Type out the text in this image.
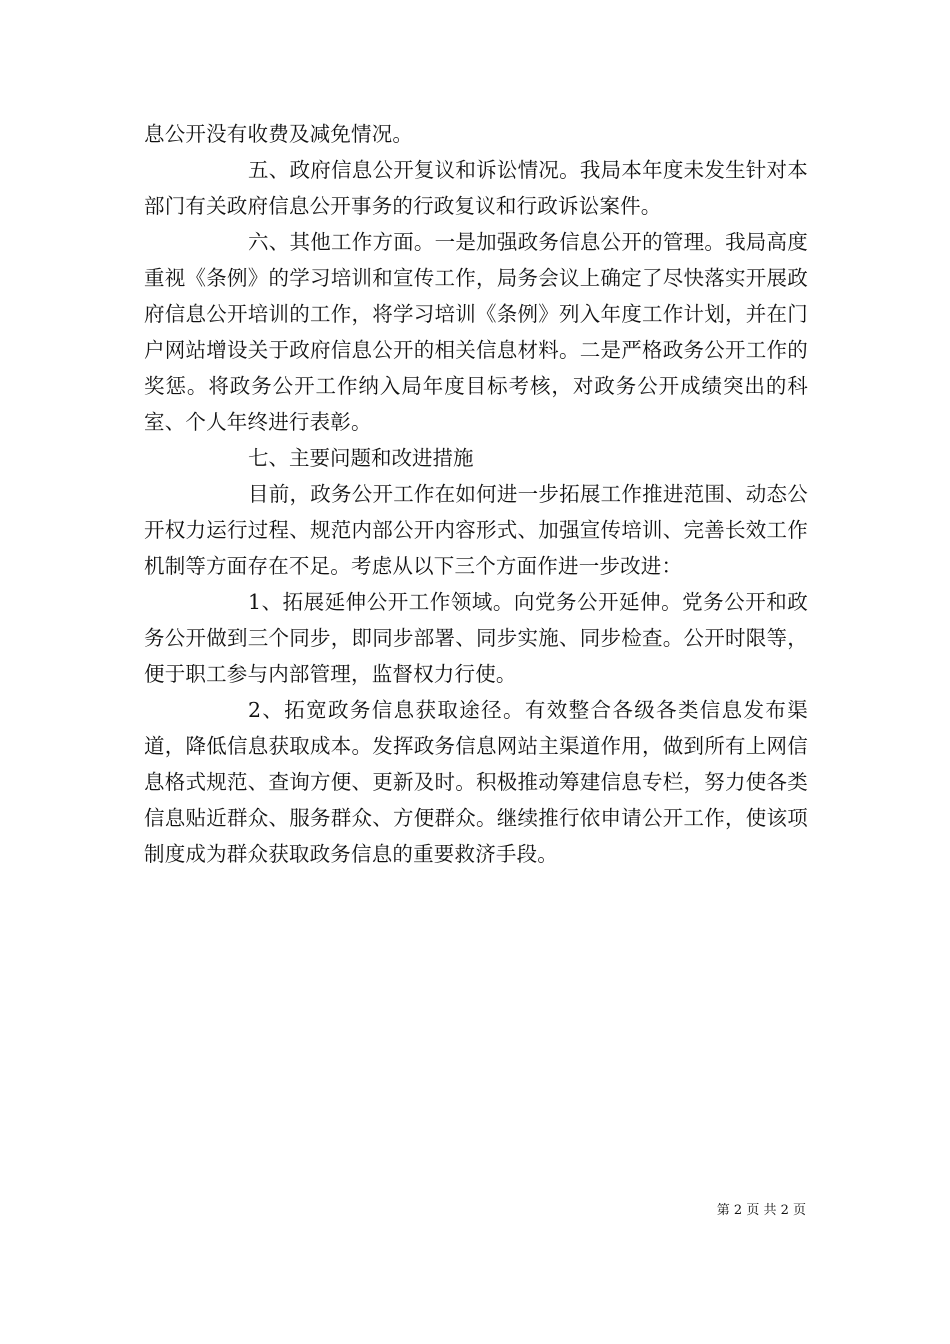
息公开没有收费及减免情况。

五、政府信息公开复议和诉讼情况。我局本年度未发生针对本部门有关政府信息公开事务的行政复议和行政诉讼案件。

六、其他工作方面。一是加强政务信息公开的管理。我局高度重视《条例》的学习培训和宣传工作，局务会议上确定了尽快落实开展政府信息公开培训的工作，将学习培训《条例》列入年度工作计划，并在门户网站增设关于政府信息公开的相关信息材料。二是严格政务公开工作的奖惩。将政务公开工作纳入局年度目标考核，对政务公开成绩突出的科室、个人年终进行表彰。

七、主要问题和改进措施

目前，政务公开工作在如何进一步拓展工作推进范围、动态公开权力运行过程、规范内部公开内容形式、加强宣传培训、完善长效工作机制等方面存在不足。考虑从以下三个方面作进一步改进：

1、拓展延伸公开工作领域。向党务公开延伸。党务公开和政务公开做到三个同步，即同步部署、同步实施、同步检查。公开时限等，便于职工参与内部管理，监督权力行使。

2、拓宽政务信息获取途径。有效整合各级各类信息发布渠道，降低信息获取成本。发挥政务信息网站主渠道作用，做到所有上网信息格式规范、查询方便、更新及时。积极推动筹建信息专栏，努力使各类信息贴近群众、服务群众、方便群众。继续推行依申请公开工作，使该项制度成为群众获取政务信息的重要救济手段。

第 2 页 共 2 页
